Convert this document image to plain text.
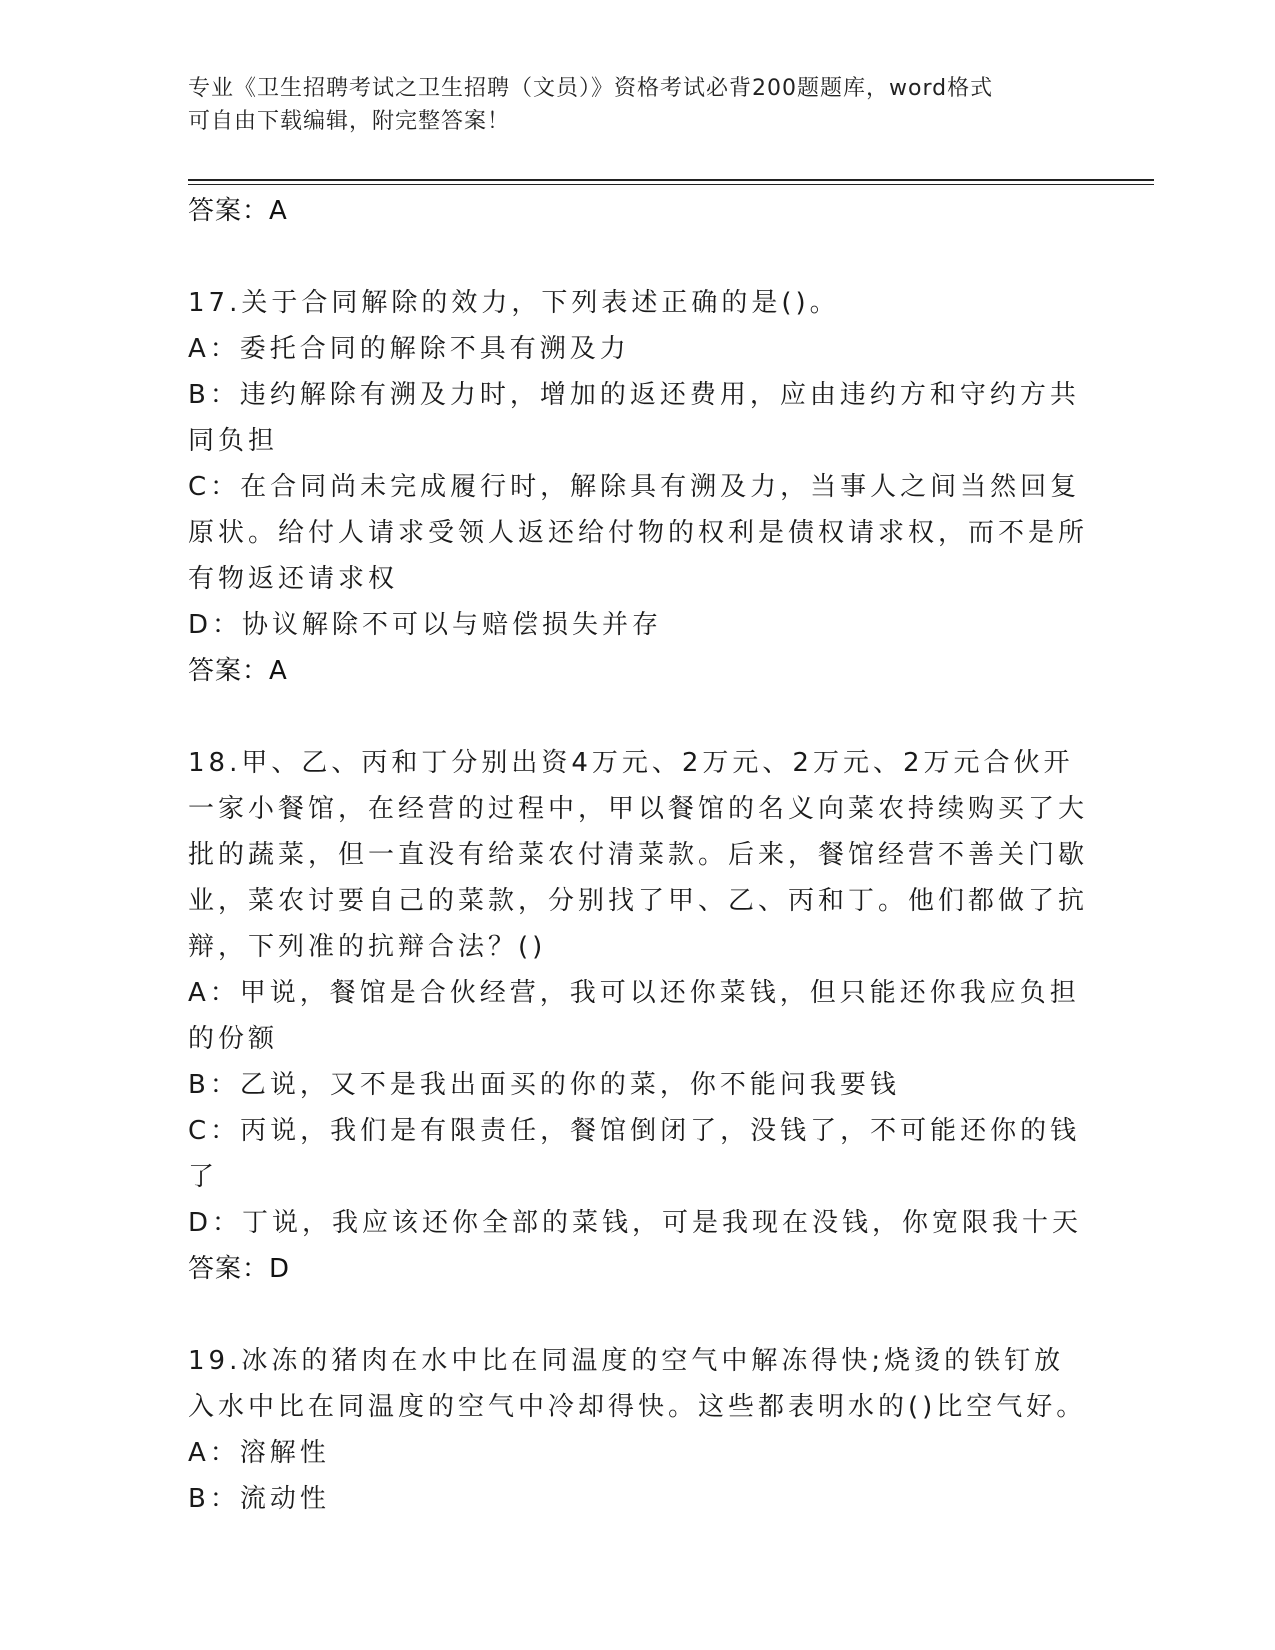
专业《卫生招聘考试之卫生招聘（文员）》资格考试必背200题题库，word格式
可自由下载编辑，附完整答案！

答案：A

17.关于合同解除的效力，下列表述正确的是()。

A：委托合同的解除不具有溯及力

B：违约解除有溯及力时，增加的返还费用，应由违约方和守约方共同负担

C：在合同尚未完成履行时，解除具有溯及力，当事人之间当然回复原状。给付人请求受领人返还给付物的权利是债权请求权，而不是所有物返还请求权

D：协议解除不可以与赔偿损失并存

答案：A

18.甲、乙、丙和丁分别出资4万元、2万元、2万元、2万元合伙开一家小餐馆，在经营的过程中，甲以餐馆的名义向菜农持续购买了大批的蔬菜，但一直没有给菜农付清菜款。后来，餐馆经营不善关门歇业，菜农讨要自己的菜款，分别找了甲、乙、丙和丁。他们都做了抗辩，下列准的抗辩合法？()

A：甲说，餐馆是合伙经营，我可以还你菜钱，但只能还你我应负担的份额

B：乙说，又不是我出面买的你的菜，你不能问我要钱

C：丙说，我们是有限责任，餐馆倒闭了，没钱了，不可能还你的钱了

D：丁说，我应该还你全部的菜钱，可是我现在没钱，你宽限我十天

答案：D

19.冰冻的猪肉在水中比在同温度的空气中解冻得快;烧烫的铁钉放入水中比在同温度的空气中冷却得快。这些都表明水的()比空气好。

A：溶解性

B：流动性
